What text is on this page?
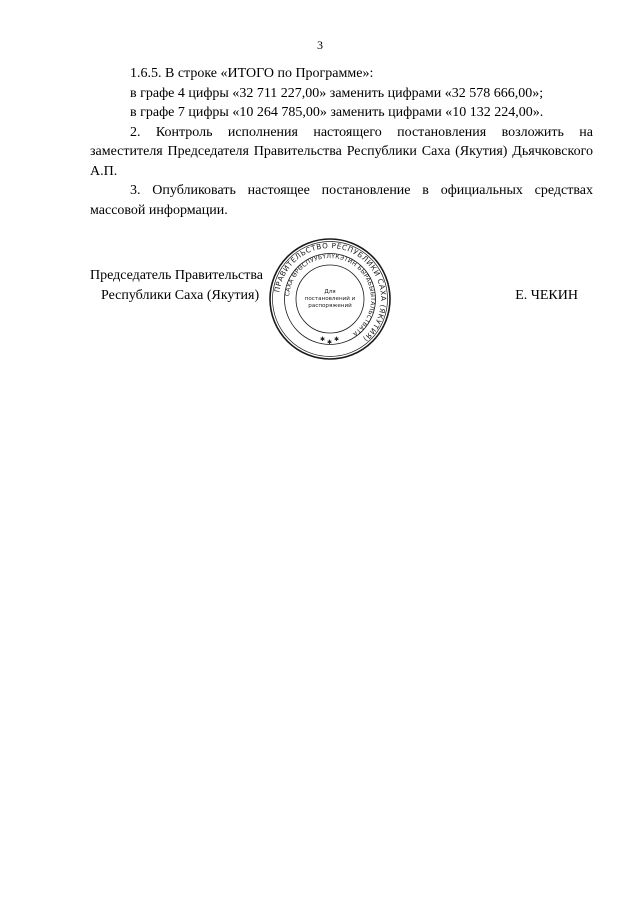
3

1.6.5. В строке «ИТОГО по Программе»:

в графе 4 цифры «32 711 227,00» заменить цифрами «32 578 666,00»;

в графе 7 цифры «10 264 785,00» заменить цифрами «10 132 224,00».

2. Контроль исполнения настоящего постановления возложить на заместителя Председателя Правительства Республики Саха (Якутия) Дьячковского А.П.

3. Опубликовать настоящее постановление в официальных средствах массовой информации.

Председатель Правительства
Республики Саха (Якутия)	Е. ЧЕКИН
ПРАВИТЕЛЬСТВО РЕСПУБЛИКИ САХА (ЯКУТИЯ)
САХА ӨРӨСПУУБҮЛҮКЭТИН БЫРАБЫЫТАЛЬСТВАТА
Для
постановлений и
распоряжений
✱ ✱ ✱
